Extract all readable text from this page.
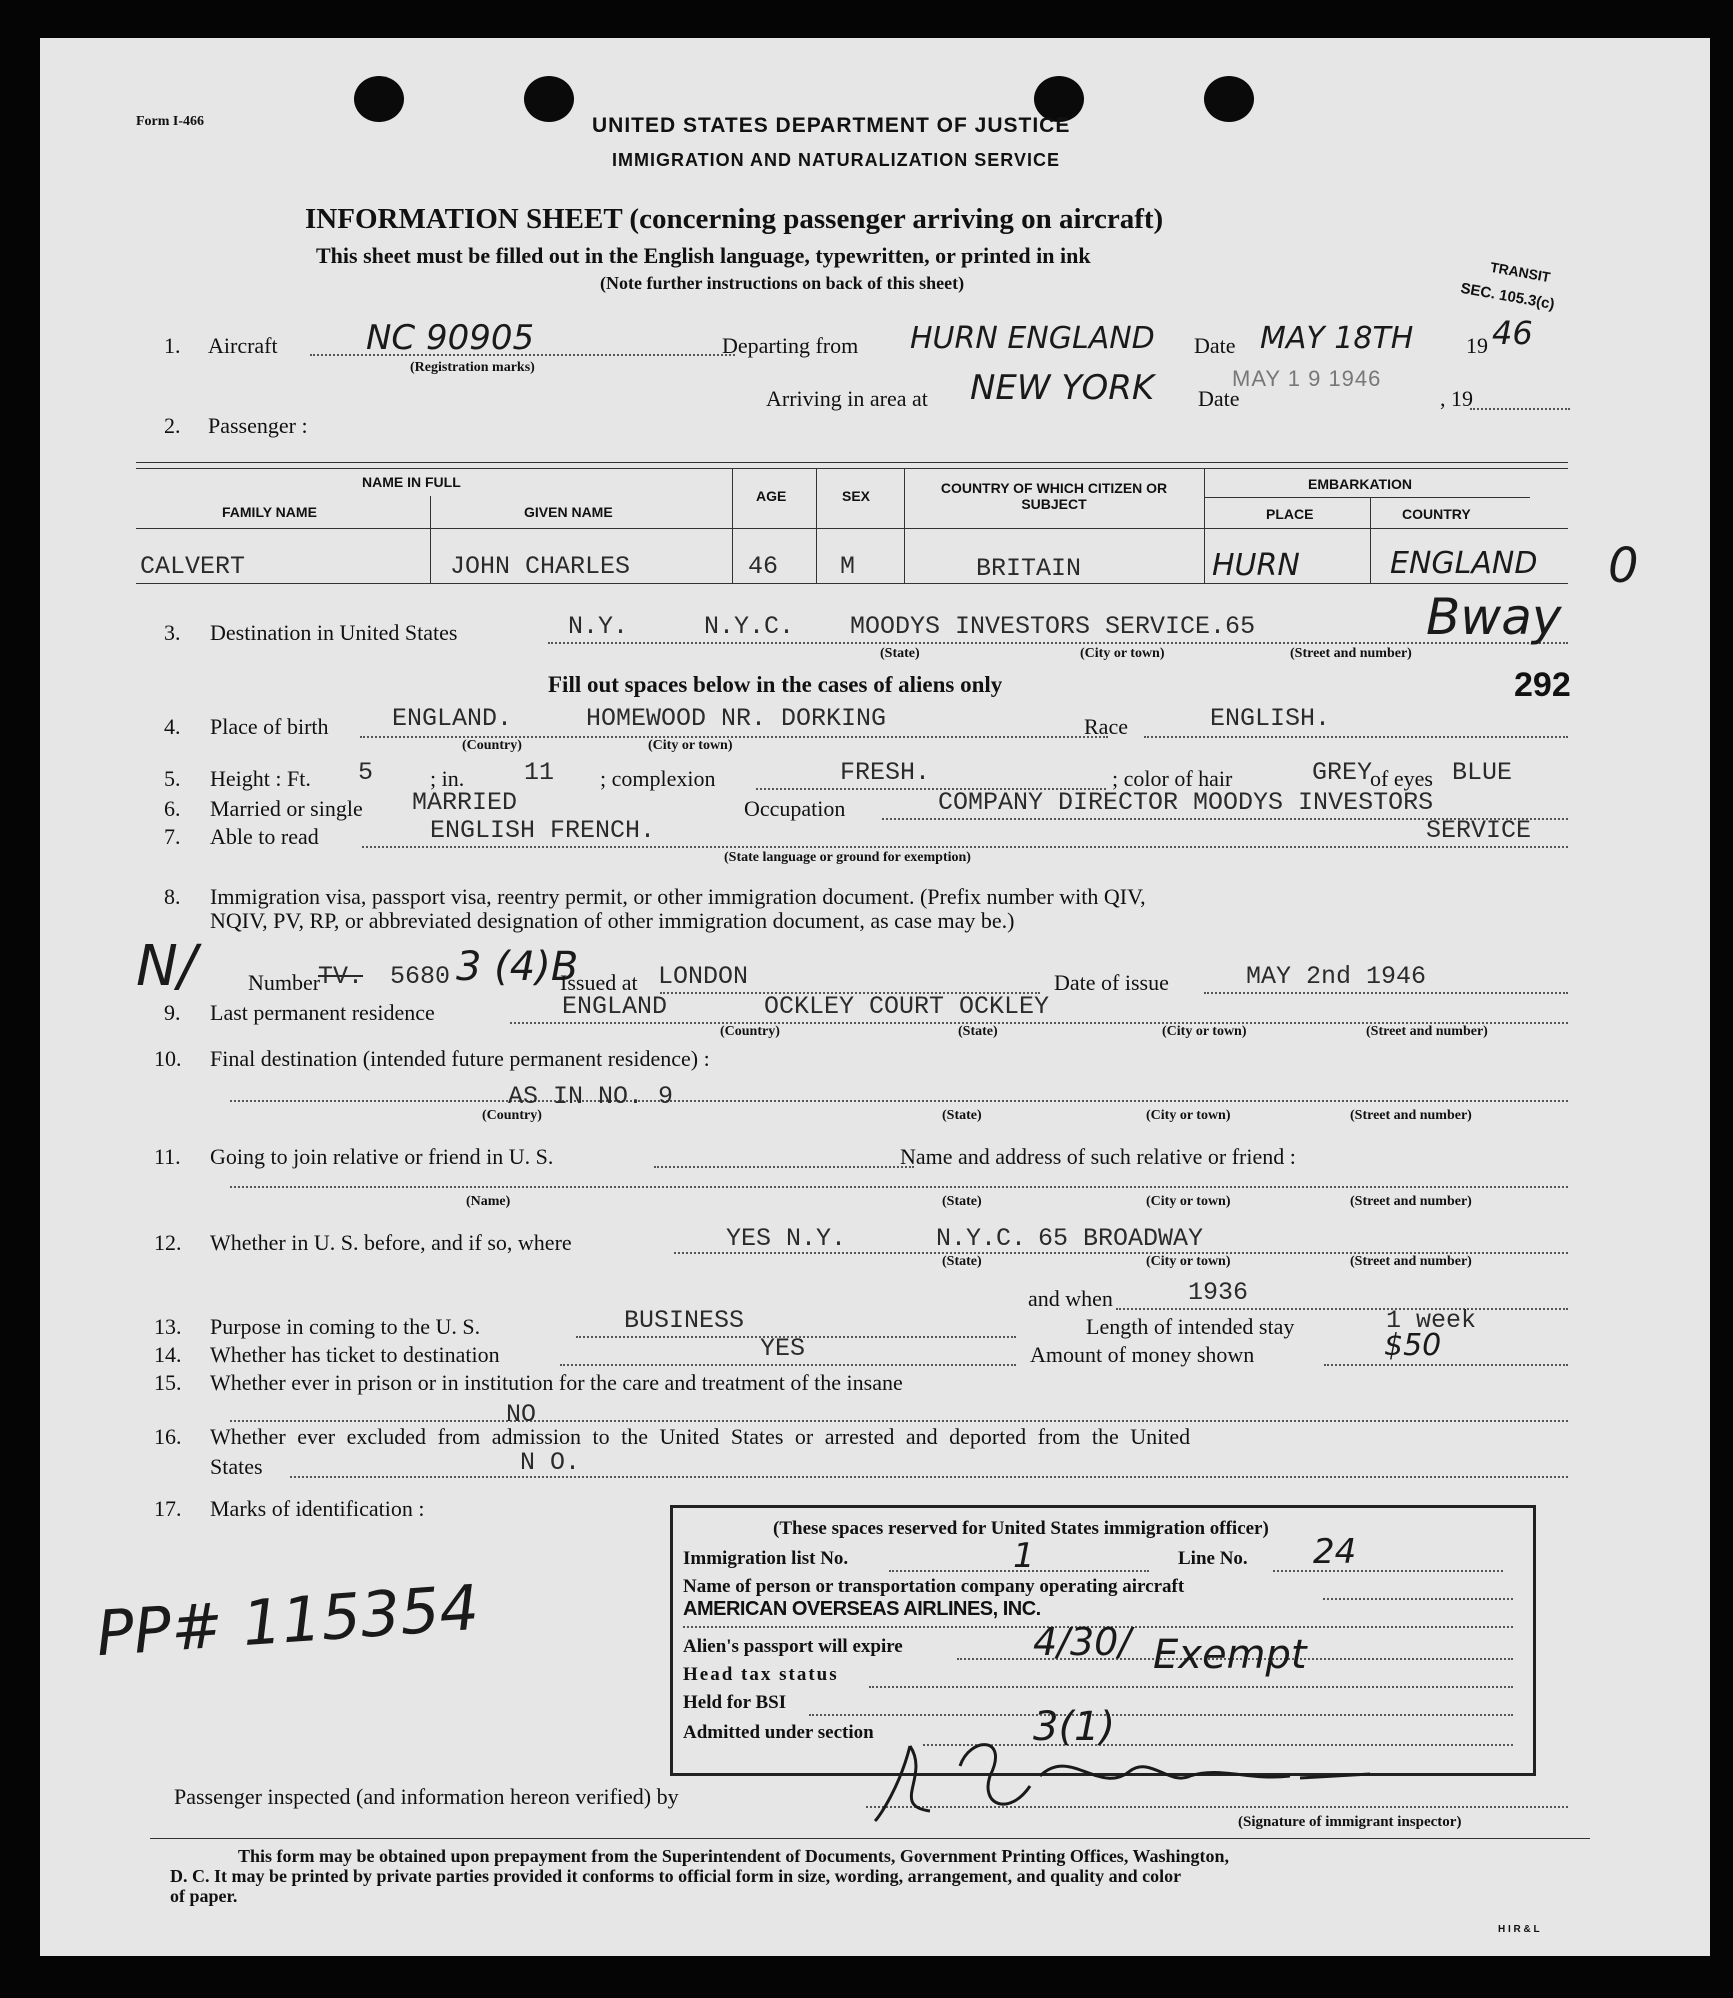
Form I-466	UNITED STATES DEPARTMENT OF JUSTICE
IMMIGRATION AND NATURALIZATION SERVICE
INFORMATION SHEET (concerning passenger arriving on aircraft)
This sheet must be filled out in the English language, typewritten, or printed in ink
(Note further instructions on back of this sheet)	TRANSIT
SEC. 105.3(c)
1. Aircraft	NC 90905
(Registration marks)
Departing from HURN ENGLAND Date MAY 18TH 19 46
Arriving in area at NEW YORK Date
MAY 1 9 1946
, 19
2. Passenger :
NAME IN FULL
FAMILY NAME	GIVEN NAME
AGE	SEX	COUNTRY OF WHICH CITIZEN OR SUBJECT
EMBARKATION
PLACE	COUNTRY
CALVERT	JOHN CHARLES	46 M	BRITAIN	HURN	ENGLAND 0
3. Destination in United States	N.Y.	N.Y.C. MOODYS INVESTORS SERVICE.65	Bway
(State)	(City or town)	(Street and number)
292
Fill out spaces below in the cases of aliens only
4. Place of birth	ENGLAND.	HOMEWOOD NR. DORKING
(Country)	(City or town)
Race	ENGLISH.
5. Height : Ft. 5	; in. 11 ; complexion	FRESH.	; color of hair	GREY
of eyes BLUE
6. Married or single MARRIED	Occupation	COMPANY DIRECTOR MOODYS INVESTORS
7. Able to read	ENGLISH FRENCH.	SERVICE
(State language or ground for exemption)
8. Immigration visa, passport visa, reentry permit, or other immigration document. (Prefix number with QIV,
NQIV, PV, RP, or abbreviated designation of other immigration document, as case may be.)
N/ Number
TV. 5680 3 (4)B
Issued at LONDON	Date of issue	MAY 2nd 1946
9. Last permanent residence	ENGLAND	OCKLEY COURT OCKLEY
(Country)	(State)	(City or town)	(Street and number)
10. Final destination (intended future permanent residence) :
AS IN NO. 9
(Country)	(State)	(City or town)	(Street and number)
11. Going to join relative or friend in U. S.	Name and address of such relative or friend :
(Name)	(State)	(City or town)	(Street and number)
12. Whether in U. S. before, and if so, where	YES N.Y.	N.Y.C. 65 BROADWAY
(State)	(City or town)	(Street and number)
and when	1936
13. Purpose in coming to the U. S.	BUSINESS	Length of intended stay	1 week
14. Whether has ticket to destination	YES	Amount of money shown	$50
15. Whether ever in prison or in institution for the care and treatment of the insane
NO
16. Whether ever excluded from admission to the United States or arrested and deported from the United
States	N O.
17. Marks of identification :
PP# 115354
(These spaces reserved for United States immigration officer)
Immigration list No.	1	Line No. 24
Name of person or transportation company operating aircraft
AMERICAN OVERSEAS AIRLINES, INC.
Alien's passport will expire	4/30/
Head tax status	Exempt
Held for BSI
Admitted under section	3(1)
Passenger inspected (and information hereon verified) by
(Signature of immigrant inspector)
This form may be obtained upon prepayment from the Superintendent of Documents, Government Printing Offices, Washington,
D. C. It may be printed by private parties provided it conforms to official form in size, wording, arrangement, and quality and color
of paper.
H I R & L
